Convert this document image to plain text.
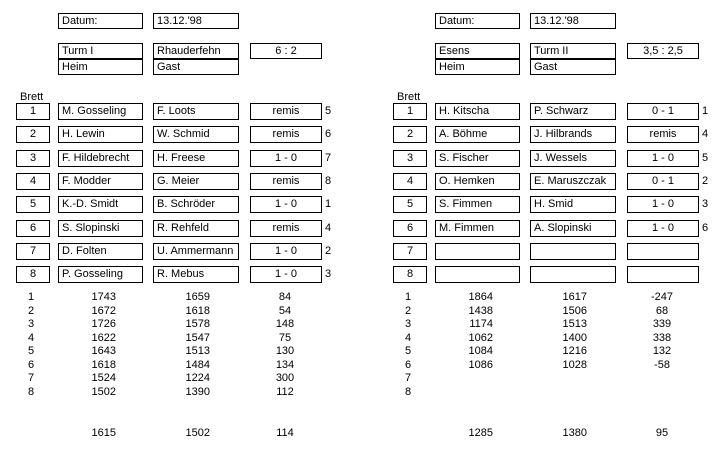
Datum:	13.12.'98
Turm I	Rhauderfehn
Heim	Gast
6 : 2
Brett
1	M. Gosseling	F. Loots	remis	5
2	H. Lewin	W. Schmid	remis	6
3	F. Hildebrecht	H. Freese	1 - 0	7
4	F. Modder	G. Meier	remis	8
5	K.-D. Smidt	B. Schröder	1 - 0	1
6	S. Slopinski	R. Rehfeld	remis	4
7	D. Folten	U. Ammermann	1 - 0	2
8	P. Gosseling	R. Mebus	1 - 0	3
1	1743	1659	84
2	1672	1618	54
3	1726	1578	148
4	1622	1547	75
5	1643	1513	130
6	1618	1484	134
7	1524	1224	300
8	1502	1390	112
1615	1502	114
Datum:	13.12.'98
Esens	Turm II
Heim	Gast
3,5 : 2,5
Brett
1	H. Kitscha	P. Schwarz	0 - 1	1
2	A. Böhme	J. Hilbrands	remis	4
3	S. Fischer	J. Wessels	1 - 0	5
4	O. Hemken	E. Maruszczak	0 - 1	2
5	S. Fimmen	H. Smid	1 - 0	3
6	M. Fimmen	A. Slopinski	1 - 0	6
7
8
1	1864	1617	-247
2	1438	1506	68
3	1174	1513	339
4	1062	1400	338
5	1084	1216	132
6	1086	1028	-58
7
8
1285	1380	95
